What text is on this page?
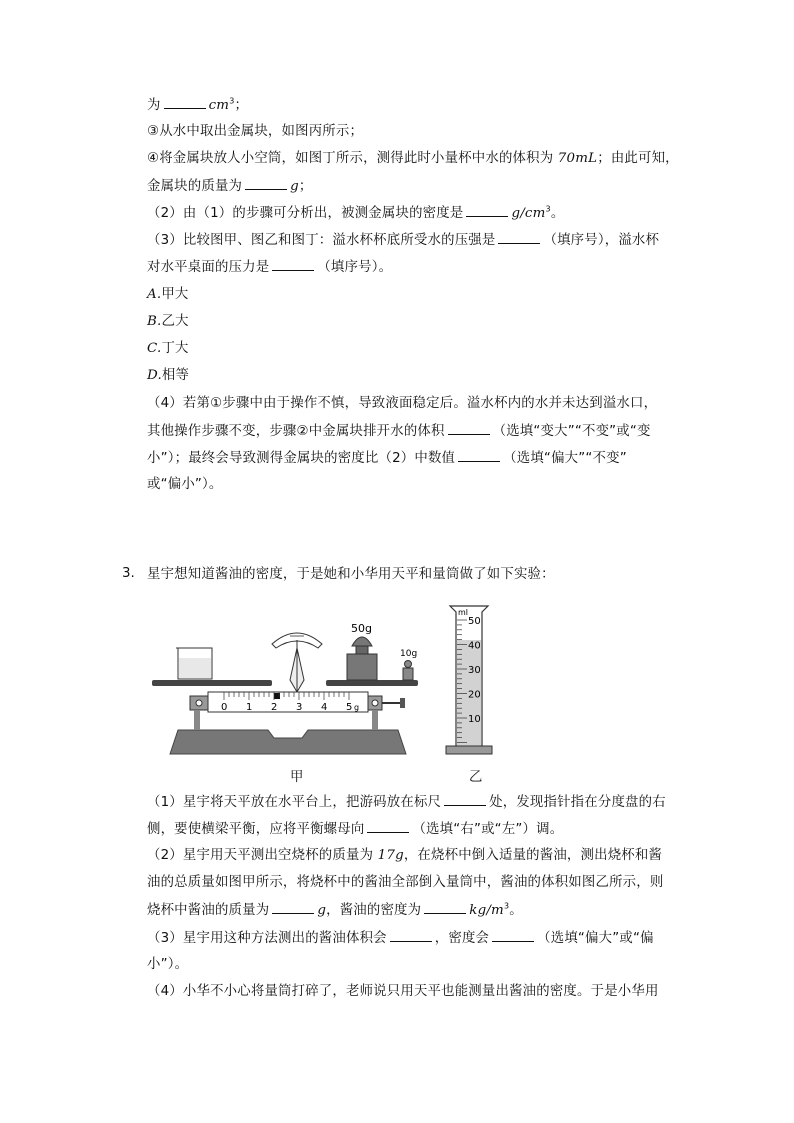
为	$cm^3$；
③从水中取出金属块，如图丙所示；
④将金属块放人小空筒，如图丁所示，测得此时小量杯中水的体积为 70mL；由此可知，
金属块的质量为	g；
（2）由（1）的步骤可分析出，被测金属块的密度是	$g/cm^3$。
（3）比较图甲、图乙和图丁：溢水杯杯底所受水的压强是	（填序号），溢水杯
对水平桌面的压力是	（填序号）。
A.甲大
B.乙大
C.丁大
D.相等
（4）若第①步骤中由于操作不慎，导致液面稳定后。溢水杯内的水并未达到溢水口，
其他操作步骤不变，步骤②中金属块排开水的体积	（选填“变大”“不变”或“变
小”）；最终会导致测得金属块的密度比（2）中数值	（选填“偏大”“不变”
或“偏小”）。
3. 星宇想知道酱油的密度，于是她和小华用天平和量筒做了如下实验：
0 1 2 3 4 5 g
50g
10g
ml
50
40
30
20
10
甲	乙
（1）星宇将天平放在水平台上，把游码放在标尺	处，发现指针指在分度盘的右
侧，要使横梁平衡，应将平衡螺母向	（选填“右”或“左”）调。
（2）星宇用天平测出空烧杯的质量为 17g，在烧杯中倒入适量的酱油，测出烧杯和酱
油的总质量如图甲所示，将烧杯中的酱油全部倒入量筒中，酱油的体积如图乙所示，则
烧杯中酱油的质量为	g，酱油的密度为	$kg/m^3$。
（3）星宇用这种方法测出的酱油体积会	，密度会	（选填“偏大”或“偏
小”）。
（4）小华不小心将量筒打碎了，老师说只用天平也能测量出酱油的密度。于是小华用
